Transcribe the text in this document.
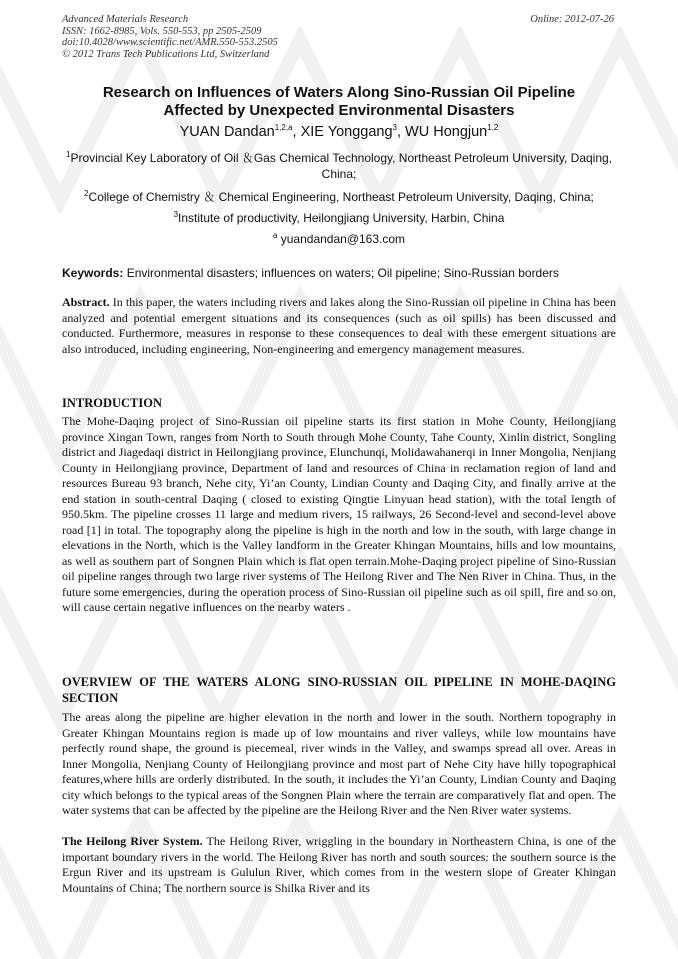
Advanced Materials Research
ISSN: 1662-8985, Vols. 550-553, pp 2505-2509
doi:10.4028/www.scientific.net/AMR.550-553.2505
© 2012 Trans Tech Publications Ltd, Switzerland
Online: 2012-07-26
Research on Influences of Waters Along Sino-Russian Oil Pipeline
Affected by Unexpected Environmental Disasters
YUAN Dandan$^{1,2,a}$, XIE Yonggang$^3$, WU Hongjun$^{1,2}$
$^1$Provincial Key Laboratory of Oil ＆Gas Chemical Technology, Northeast Petroleum University, Daqing, China;
$^2$College of Chemistry ＆ Chemical Engineering, Northeast Petroleum University, Daqing, China;
$^3$Institute of productivity, Heilongjiang University, Harbin, China
$^a$ yuandandan@163.com
Keywords: Environmental disasters; influences on waters; Oil pipeline; Sino-Russian borders
Abstract. In this paper, the waters including rivers and lakes along the Sino-Russian oil pipeline in China has been analyzed and potential emergent situations and its consequences (such as oil spills) has been discussed and conducted. Furthermore, measures in response to these consequences to deal with these emergent situations are also introduced, including engineering, Non-engineering and emergency management measures.
INTRODUCTION
The Mohe-Daqing project of Sino-Russian oil pipeline starts its first station in Mohe County, Heilongjiang province Xingan Town, ranges from North to South through Mohe County, Tahe County, Xinlin district, Songling district and Jiagedaqi district in Heilongjiang province, Elunchunqi, Molidawahanerqi in Inner Mongolia, Nenjiang County in Heilongjiang province, Department of land and resources of China in reclamation region of land and resources Bureau 93 branch, Nehe city, Yi’an County, Lindian County and Daqing City, and finally arrive at the end station in south-central Daqing ( closed to existing Qingtie Linyuan head station), with the total length of 950.5km. The pipeline crosses 11 large and medium rivers, 15 railways, 26 Second-level and second-level above road [1] in total. The topography along the pipeline is high in the north and low in the south, with large change in elevations in the North, which is the Valley landform in the Greater Khingan Mountains, hills and low mountains, as well as southern part of Songnen Plain which is flat open terrain.Mohe-Daqing project pipeline of Sino-Russian oil pipeline ranges through two large river systems of The Heilong River and The Nen River in China. Thus, in the future some emergencies, during the operation process of Sino-Russian oil pipeline such as oil spill, fire and so on, will cause certain negative influences on the nearby waters .
OVERVIEW OF THE WATERS ALONG SINO-RUSSIAN OIL PIPELINE IN MOHE-DAQING SECTION
The areas along the pipeline are higher elevation in the north and lower in the south. Northern topography in Greater Khingan Mountains region is made up of low mountains and river valleys, while low mountains have perfectly round shape, the ground is piecemeal, river winds in the Valley, and swamps spread all over. Areas in Inner Mongolia, Nenjiang County of Heilongjiang province and most part of Nehe City have hilly topographical features,where hills are orderly distributed. In the south, it includes the Yi’an County, Lindian County and Daqing city which belongs to the typical areas of the Songnen Plain where the terrain are comparatively flat and open. The water systems that can be affected by the pipeline are the Heilong River and the Nen River water systems.
The Heilong River System. The Heilong River, wriggling in the boundary in Northeastern China, is one of the important boundary rivers in the world. The Heilong River has north and south sources: the southern source is the Ergun River and its upstream is Gululun River, which comes from in the western slope of Greater Khingan Mountains of China; The northern source is Shilka River and its
